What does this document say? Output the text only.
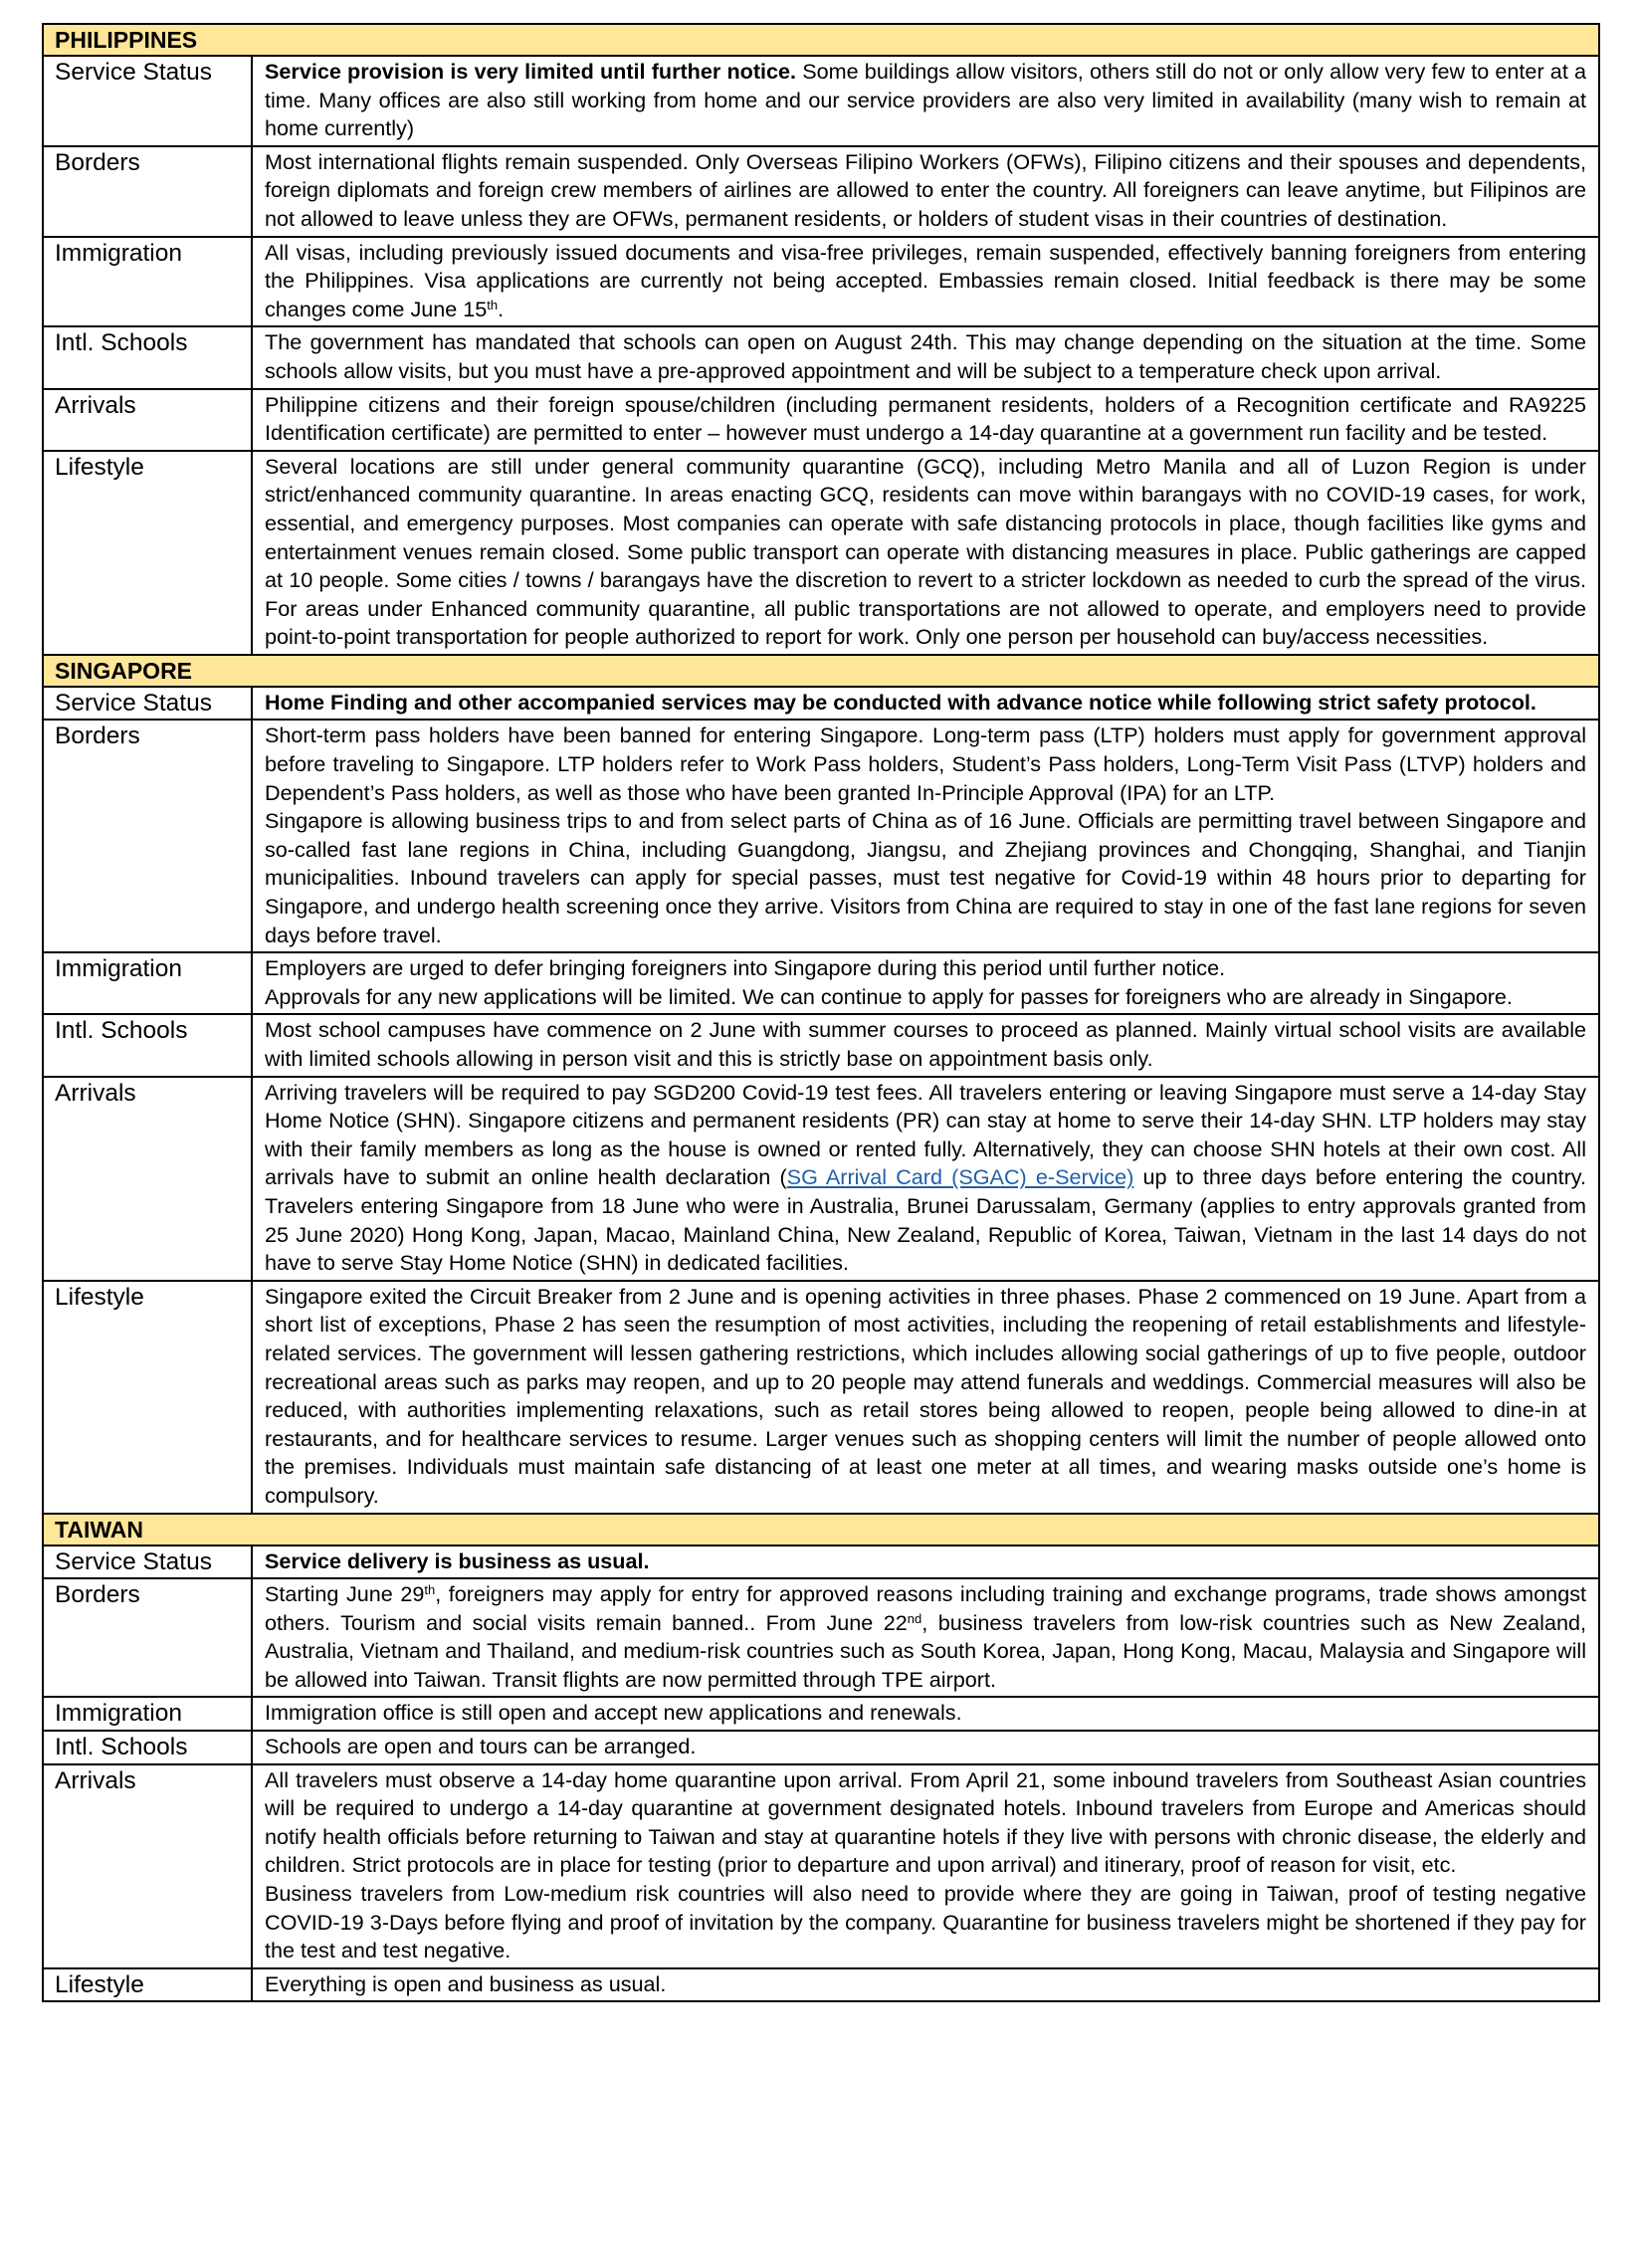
PHILIPPINES	
Service Status	Service provision is very limited until further notice. Some buildings allow visitors, others still do not or only allow very few to enter at a time. Many offices are also still working from home and our service providers are also very limited in availability (many wish to remain at home currently)

Borders	Most international flights remain suspended. Only Overseas Filipino Workers (OFWs), Filipino citizens and their spouses and dependents, foreign diplomats and foreign crew members of airlines are allowed to enter the country. All foreigners can leave anytime, but Filipinos are not allowed to leave unless they are OFWs, permanent residents, or holders of student visas in their countries of destination.

Immigration	All visas, including previously issued documents and visa-free privileges, remain suspended, effectively banning foreigners from entering the Philippines. Visa applications are currently not being accepted. Embassies remain closed. Initial feedback is there may be some changes come June 15th.

Intl. Schools	The government has mandated that schools can open on August 24th. This may change depending on the situation at the time. Some schools allow visits, but you must have a pre-approved appointment and will be subject to a temperature check upon arrival.

Arrivals	Philippine citizens and their foreign spouse/children (including permanent residents, holders of a Recognition certificate and RA9225 Identification certificate) are permitted to enter – however must undergo a 14-day quarantine at a government run facility and be tested.

Lifestyle	Several locations are still under general community quarantine (GCQ), including Metro Manila and all of Luzon Region is under strict/enhanced community quarantine. In areas enacting GCQ, residents can move within barangays with no COVID-19 cases, for work, essential, and emergency purposes. Most companies can operate with safe distancing protocols in place, though facilities like gyms and entertainment venues remain closed. Some public transport can operate with distancing measures in place. Public gatherings are capped at 10 people. Some cities / towns / barangays have the discretion to revert to a stricter lockdown as needed to curb the spread of the virus. For areas under Enhanced community quarantine, all public transportations are not allowed to operate, and employers need to provide point-to-point transportation for people authorized to report for work. Only one person per household can buy/access necessities.

SINGAPORE	
Service Status	Home Finding and other accompanied services may be conducted with advance notice while following strict safety protocol.

Borders	Short-term pass holders have been banned for entering Singapore. Long-term pass (LTP) holders must apply for government approval before traveling to Singapore. LTP holders refer to Work Pass holders, Student’s Pass holders, Long-Term Visit Pass (LTVP) holders and Dependent’s Pass holders, as well as those who have been granted In-Principle Approval (IPA) for an LTP.

Singapore is allowing business trips to and from select parts of China as of 16 June. Officials are permitting travel between Singapore and so-called fast lane regions in China, including Guangdong, Jiangsu, and Zhejiang provinces and Chongqing, Shanghai, and Tianjin municipalities. Inbound travelers can apply for special passes, must test negative for Covid-19 within 48 hours prior to departing for Singapore, and undergo health screening once they arrive. Visitors from China are required to stay in one of the fast lane regions for seven days before travel.

Immigration	Employers are urged to defer bringing foreigners into Singapore during this period until further notice.

Approvals for any new applications will be limited. We can continue to apply for passes for foreigners who are already in Singapore.

Intl. Schools	Most school campuses have commence on 2 June with summer courses to proceed as planned. Mainly virtual school visits are available with limited schools allowing in person visit and this is strictly base on appointment basis only.

Arrivals	Arriving travelers will be required to pay SGD200 Covid-19 test fees. All travelers entering or leaving Singapore must serve a 14-day Stay Home Notice (SHN). Singapore citizens and permanent residents (PR) can stay at home to serve their 14-day SHN. LTP holders may stay with their family members as long as the house is owned or rented fully. Alternatively, they can choose SHN hotels at their own cost. All arrivals have to submit an online health declaration (SG Arrival Card (SGAC) e-Service) up to three days before entering the country. Travelers entering Singapore from 18 June who were in Australia, Brunei Darussalam, Germany (applies to entry approvals granted from 25 June 2020) Hong Kong, Japan, Macao, Mainland China, New Zealand, Republic of Korea, Taiwan, Vietnam in the last 14 days do not have to serve Stay Home Notice (SHN) in dedicated facilities.

Lifestyle	Singapore exited the Circuit Breaker from 2 June and is opening activities in three phases. Phase 2 commenced on 19 June. Apart from a short list of exceptions, Phase 2 has seen the resumption of most activities, including the reopening of retail establishments and lifestyle-related services. The government will lessen gathering restrictions, which includes allowing social gatherings of up to five people, outdoor recreational areas such as parks may reopen, and up to 20 people may attend funerals and weddings. Commercial measures will also be reduced, with authorities implementing relaxations, such as retail stores being allowed to reopen, people being allowed to dine-in at restaurants, and for healthcare services to resume. Larger venues such as shopping centers will limit the number of people allowed onto the premises. Individuals must maintain safe distancing of at least one meter at all times, and wearing masks outside one’s home is compulsory.

TAIWAN	
Service Status	Service delivery is business as usual.

Borders	Starting June 29th, foreigners may apply for entry for approved reasons including training and exchange programs, trade shows amongst others. Tourism and social visits remain banned.. From June 22nd, business travelers from low-risk countries such as New Zealand, Australia, Vietnam and Thailand, and medium-risk countries such as South Korea, Japan, Hong Kong, Macau, Malaysia and Singapore will be allowed into Taiwan. Transit flights are now permitted through TPE airport.

Immigration	Immigration office is still open and accept new applications and renewals.

Intl. Schools	Schools are open and tours can be arranged.

Arrivals	All travelers must observe a 14-day home quarantine upon arrival. From April 21, some inbound travelers from Southeast Asian countries will be required to undergo a 14-day quarantine at government designated hotels. Inbound travelers from Europe and Americas should notify health officials before returning to Taiwan and stay at quarantine hotels if they live with persons with chronic disease, the elderly and children. Strict protocols are in place for testing (prior to departure and upon arrival) and itinerary, proof of reason for visit, etc.

Business travelers from Low-medium risk countries will also need to provide where they are going in Taiwan, proof of testing negative COVID-19 3-Days before flying and proof of invitation by the company. Quarantine for business travelers might be shortened if they pay for the test and test negative.

Lifestyle	Everything is open and business as usual.
